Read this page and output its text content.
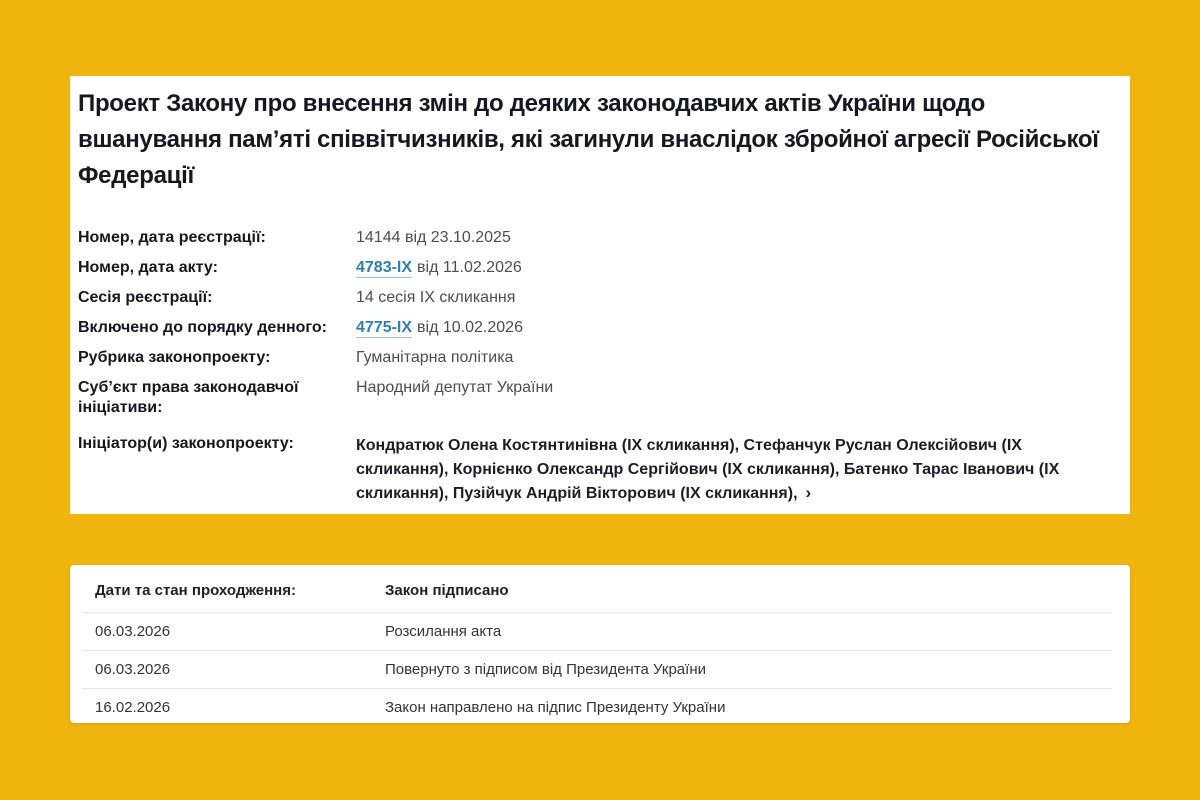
Проект Закону про внесення змін до деяких законодавчих актів України щодо вшанування пам’яті співвітчизників, які загинули внаслідок збройної агресії Російської Федерації
Номер, дата реєстрації:	14144 від 23.10.2025
Номер, дата акту:	4783-IX від 11.02.2026
Сесія реєстрації:	14 сесія IX скликання
Включено до порядку денного:	4775-IX від 10.02.2026
Рубрика законопроекту:	Гуманітарна політика
Суб’єкт права законодавчої ініціативи:
Народний депутат України
Ініціатор(и) законопроекту:	Кондратюк Олена Костянтинівна (IX скликання), Стефанчук Руслан Олексійович (IX скликання), Корнієнко Олександр Сергійович (IX скликання), Батенко Тарас Іванович (IX скликання), Пузійчук Андрій Вікторович (IX скликання), ›
Дати та стан проходження:	Закон підписано
06.03.2026	Розсилання акта
06.03.2026	Повернуто з підписом від Президента України
16.02.2026	Закон направлено на підпис Президенту України
